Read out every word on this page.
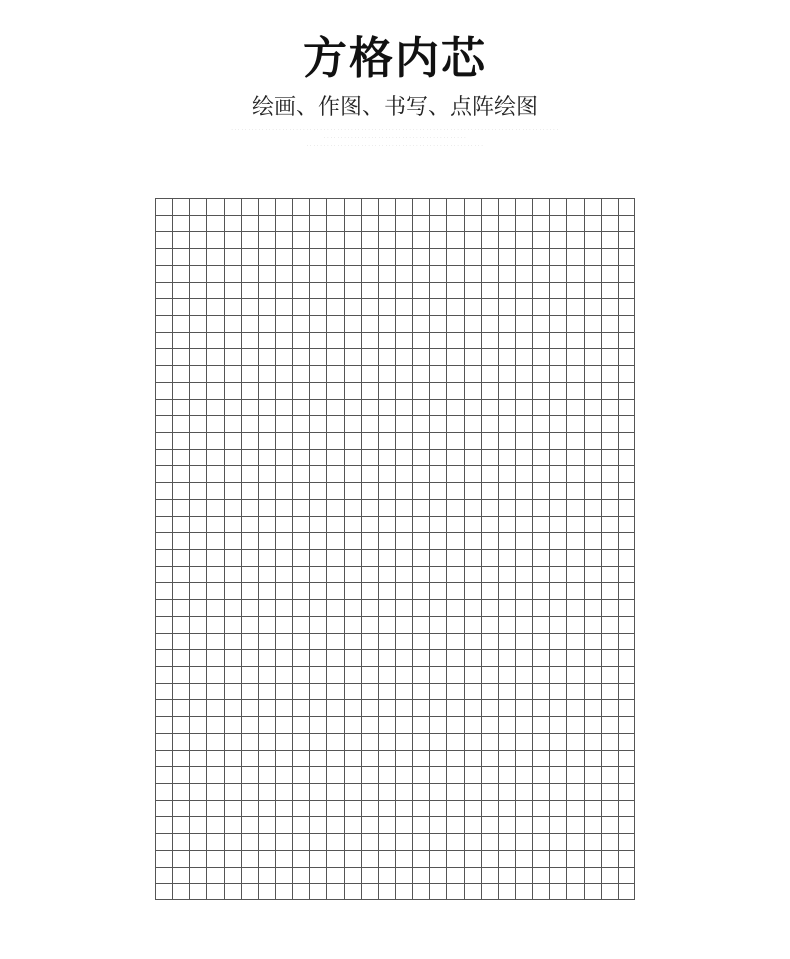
方格内芯
绘画、作图、书写、点阵绘图
· · · · · · · · · · · · · · · · · · · · · · · · · · · · · · · · · · · · · · · · · · · · · · · · · · · · · · · · · · · · · · · · · · · · · · · · · · · · · · · · · · · · · · · · · · · · · · · ·
· · · · · · · · · · · · · · · · · · · · · · · · · · · · · · · · · · · · · · · · · ·
· · · · · · · · · · · · · · · · · · · · · · · · · · · · · · · · · · · · · · · · · · · · · · · · · · · ·
